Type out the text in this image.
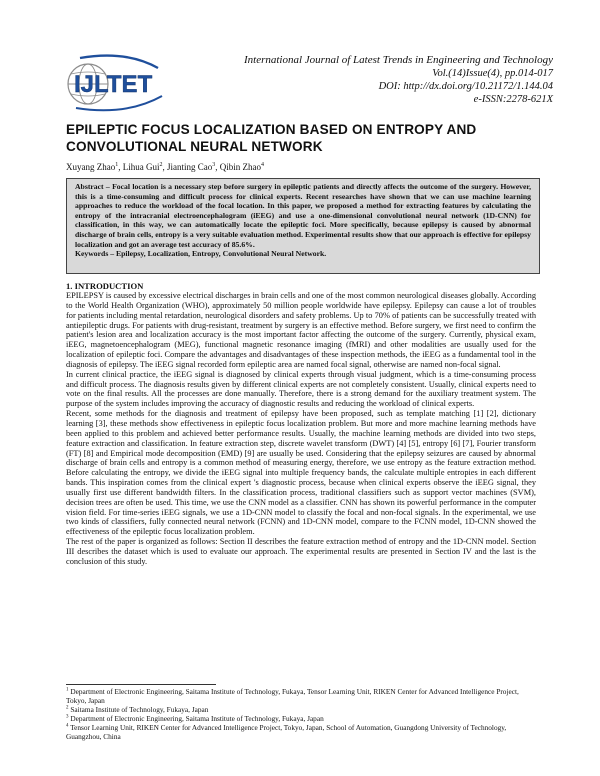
IJLTET
International Journal of Latest Trends in Engineering and Technology
Vol.(14)Issue(4), pp.014-017
DOI: http://dx.doi.org/10.21172/1.144.04
e-ISSN:2278-621X
EPILEPTIC FOCUS LOCALIZATION BASED ON ENTROPY AND CONVOLUTIONAL NEURAL NETWORK
Xuyang Zhao$^1$, Lihua Gui$^2$, Jianting Cao$^3$, Qibin Zhao$^4$

Abstract – Focal location is a necessary step before surgery in epileptic patients and directly affects the outcome of the surgery. However, this is a time-consuming and difficult process for clinical experts. Recent researches have shown that we can use machine learning approaches to reduce the workload of the focal location. In this paper, we proposed a method for extracting features by calculating the entropy of the intracranial electroencephalogram (iEEG) and use a one-dimensional convolutional neural network (1D-CNN) for classification, in this way, we can automatically locate the epileptic foci. More specifically, because epilepsy is caused by abnormal discharge of brain cells, entropy is a very suitable evaluation method. Experimental results show that our approach is effective for epilepsy localization and got an average test accuracy of 85.6%.

Keywords – Epilepsy, Localization, Entropy, Convolutional Neural Network.

1. INTRODUCTION

EPILEPSY is caused by excessive electrical discharges in brain cells and one of the most common neurological diseases globally. According to the World Health Organization (WHO), approximately 50 million people worldwide have epilepsy. Epilepsy can cause a lot of troubles for patients including mental retardation, neurological disorders and safety problems. Up to 70% of patients can be successfully treated with antiepileptic drugs. For patients with drug-resistant, treatment by surgery is an effective method. Before surgery, we first need to confirm the patient's lesion area and localization accuracy is the most important factor affecting the outcome of the surgery. Currently, physical exam, iEEG, magnetoencephalogram (MEG), functional magnetic resonance imaging (fMRI) and other modalities are usually used for the localization of epileptic foci. Compare the advantages and disadvantages of these inspection methods, the iEEG as a fundamental tool in the diagnosis of epilepsy. The iEEG signal recorded form epileptic area are named focal signal, otherwise are named non-focal signal.

In current clinical practice, the iEEG signal is diagnosed by clinical experts through visual judgment, which is a time-consuming process and difficult process. The diagnosis results given by different clinical experts are not completely consistent. Usually, clinical experts need to vote on the final results. All the processes are done manually. Therefore, there is a strong demand for the auxiliary treatment system. The purpose of the system includes improving the accuracy of diagnostic results and reducing the workload of clinical experts.

Recent, some methods for the diagnosis and treatment of epilepsy have been proposed, such as template matching [1] [2], dictionary learning [3], these methods show effectiveness in epileptic focus localization problem. But more and more machine learning methods have been applied to this problem and achieved better performance results. Usually, the machine learning methods are divided into two steps, feature extraction and classification. In feature extraction step, discrete wavelet transform (DWT) [4] [5], entropy [6] [7], Fourier transform (FT) [8] and Empirical mode decomposition (EMD) [9] are usually be used. Considering that the epilepsy seizures are caused by abnormal discharge of brain cells and entropy is a common method of measuring energy, therefore, we use entropy as the feature extraction method. Before calculating the entropy, we divide the iEEG signal into multiple frequency bands, the calculate multiple entropies in each different bands. This inspiration comes from the clinical expert 's diagnostic process, because when clinical experts observe the iEEG signal, they usually first use different bandwidth filters. In the classification process, traditional classifiers such as support vector machines (SVM), decision trees are often be used. This time, we use the CNN model as a classifier. CNN has shown its powerful performance in the computer vision field. For time-series iEEG signals, we use a 1D-CNN model to classify the focal and non-focal signals. In the experimental, we use two kinds of classifiers, fully connected neural network (FCNN) and 1D-CNN model, compare to the FCNN model, 1D-CNN showed the effectiveness of the epileptic focus localization problem.

The rest of the paper is organized as follows: Section II describes the feature extraction method of entropy and the 1D-CNN model. Section III describes the dataset which is used to evaluate our approach. The experimental results are presented in Section IV and the last is the conclusion of this study.

$^1$ Department of Electronic Engineering, Saitama Institute of Technology, Fukaya, Tensor Learning Unit, RIKEN Center for Advanced Intelligence Project, Tokyo, Japan

$^2$ Saitama Institute of Technology, Fukaya, Japan

$^3$ Department of Electronic Engineering, Saitama Institute of Technology, Fukaya, Japan

$^4$ Tensor Learning Unit, RIKEN Center for Advanced Intelligence Project, Tokyo, Japan, School of Automation, Guangdong University of Technology, Guangzhou, China
